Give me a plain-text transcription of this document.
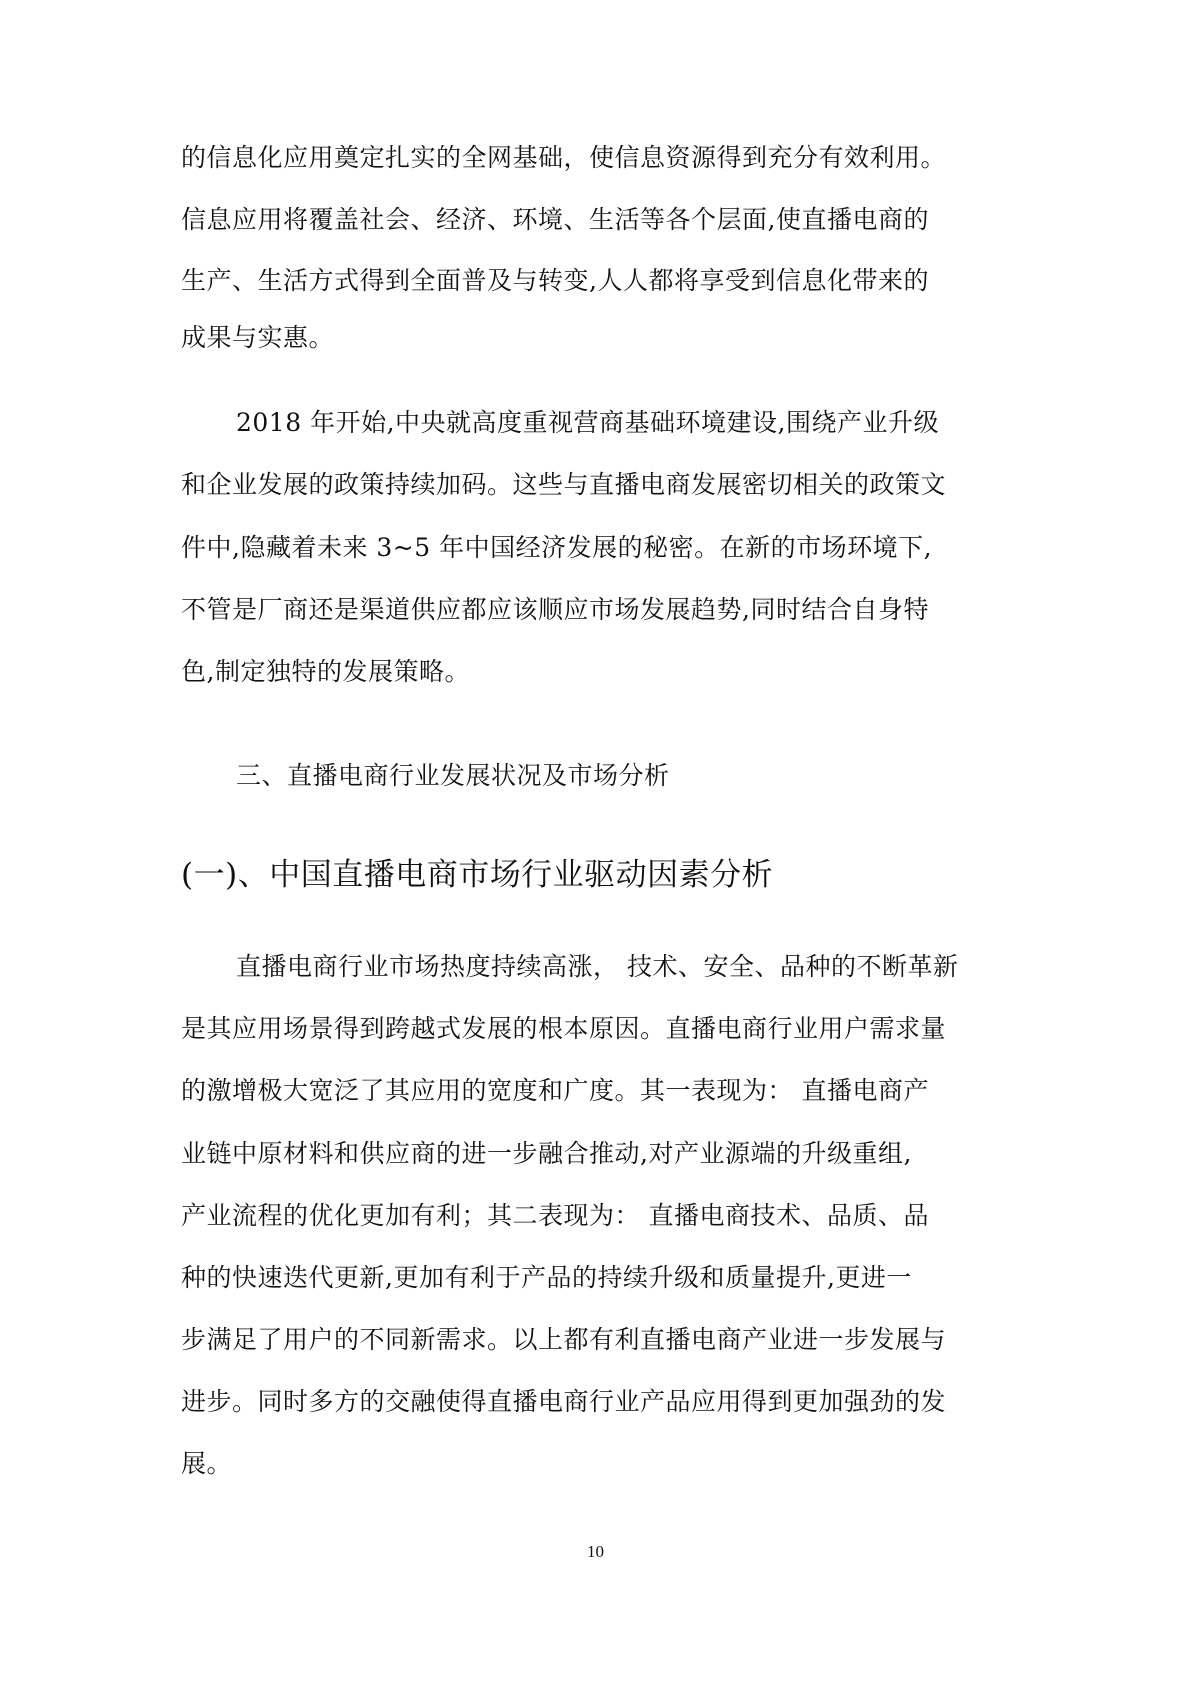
的信息化应用奠定扎实的全网基础，使信息资源得到充分有效利用。
信息应用将覆盖社会、经济、环境、生活等各个层面,使直播电商的
生产、生活方式得到全面普及与转变,人人都将享受到信息化带来的
成果与实惠。
2018 年开始,中央就高度重视营商基础环境建设,围绕产业升级
和企业发展的政策持续加码。这些与直播电商发展密切相关的政策文
件中,隐藏着未来 3~5 年中国经济发展的秘密。在新的市场环境下,
不管是厂商还是渠道供应都应该顺应市场发展趋势,同时结合自身特
色,制定独特的发展策略。
三、直播电商行业发展状况及市场分析
(一)、中国直播电商市场行业驱动因素分析
直播电商行业市场热度持续高涨， 技术、安全、品种的不断革新
是其应用场景得到跨越式发展的根本原因。直播电商行业用户需求量
的激增极大宽泛了其应用的宽度和广度。其一表现为： 直播电商产
业链中原材料和供应商的进一步融合推动,对产业源端的升级重组,
产业流程的优化更加有利；其二表现为： 直播电商技术、品质、品
种的快速迭代更新,更加有利于产品的持续升级和质量提升,更进一
步满足了用户的不同新需求。以上都有利直播电商产业进一步发展与
进步。同时多方的交融使得直播电商行业产品应用得到更加强劲的发
展。
10
